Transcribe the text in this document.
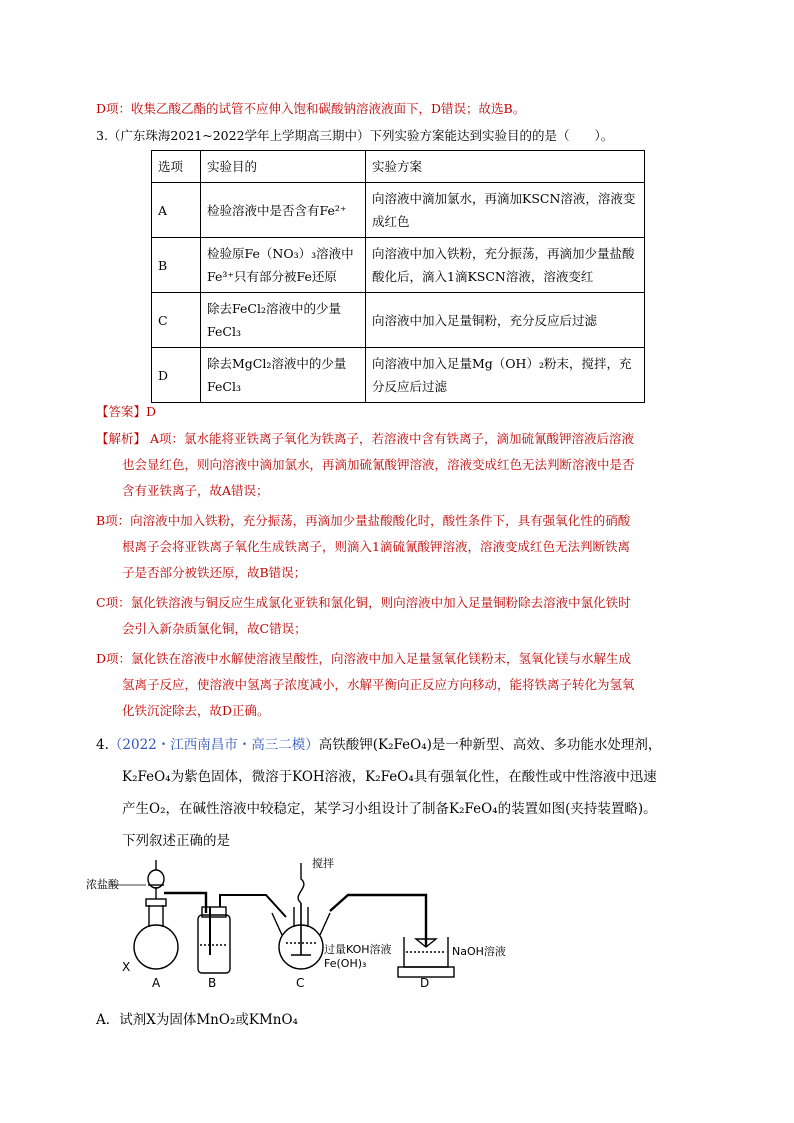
D项：收集乙酸乙酯的试管不应伸入饱和碳酸钠溶液液面下，D错误；故选B。
3.（广东珠海2021~2022学年上学期高三期中）下列实验方案能达到实验目的的是（　　）。
选项	实验目的	实验方案
A	检验溶液中是否含有Fe²⁺	向溶液中滴加氯水，再滴加KSCN溶液，溶液变成红色
B	检验原Fe（NO₃）₃溶液中Fe³⁺只有部分被Fe还原	向溶液中加入铁粉，充分振荡，再滴加少量盐酸酸化后，滴入1滴KSCN溶液，溶液变红
C	除去FeCl₂溶液中的少量FeCl₃	向溶液中加入足量铜粉，充分反应后过滤
D	除去MgCl₂溶液中的少量FeCl₃	向溶液中加入足量Mg（OH）₂粉末，搅拌，充分反应后过滤
【答案】D
【解析】 A项：氯水能将亚铁离子氧化为铁离子，若溶液中含有铁离子，滴加硫氰酸钾溶液后溶液
也会显红色，则向溶液中滴加氯水，再滴加硫氰酸钾溶液，溶液变成红色无法判断溶液中是否
含有亚铁离子，故A错误；
B项：向溶液中加入铁粉，充分振荡，再滴加少量盐酸酸化时，酸性条件下，具有强氧化性的硝酸
根离子会将亚铁离子氧化生成铁离子，则滴入1滴硫氰酸钾溶液，溶液变成红色无法判断铁离
子是否部分被铁还原，故B错误；
C项：氯化铁溶液与铜反应生成氯化亚铁和氯化铜，则向溶液中加入足量铜粉除去溶液中氯化铁时
会引入新杂质氯化铜，故C错误；
D项：氯化铁在溶液中水解使溶液呈酸性，向溶液中加入足量氢氧化镁粉末，氢氧化镁与水解生成
氢离子反应，使溶液中氢离子浓度减小，水解平衡向正反应方向移动，能将铁离子转化为氢氧
化铁沉淀除去，故D正确。
4.（2022・江西南昌市・高三二模）高铁酸钾(K₂FeO₄)是一种新型、高效、多功能水处理剂，
K₂FeO₄为紫色固体，微溶于KOH溶液，K₂FeO₄具有强氧化性，在酸性或中性溶液中迅速
产生O₂，在碱性溶液中较稳定，某学习小组设计了制备K₂FeO₄的装置如图(夹持装置略)。
下列叙述正确的是
浓盐酸
搅拌
过量KOH溶液
Fe(OH)₃
NaOH溶液
X
A	B	C	D
A．试剂X为固体MnO₂或KMnO₄
